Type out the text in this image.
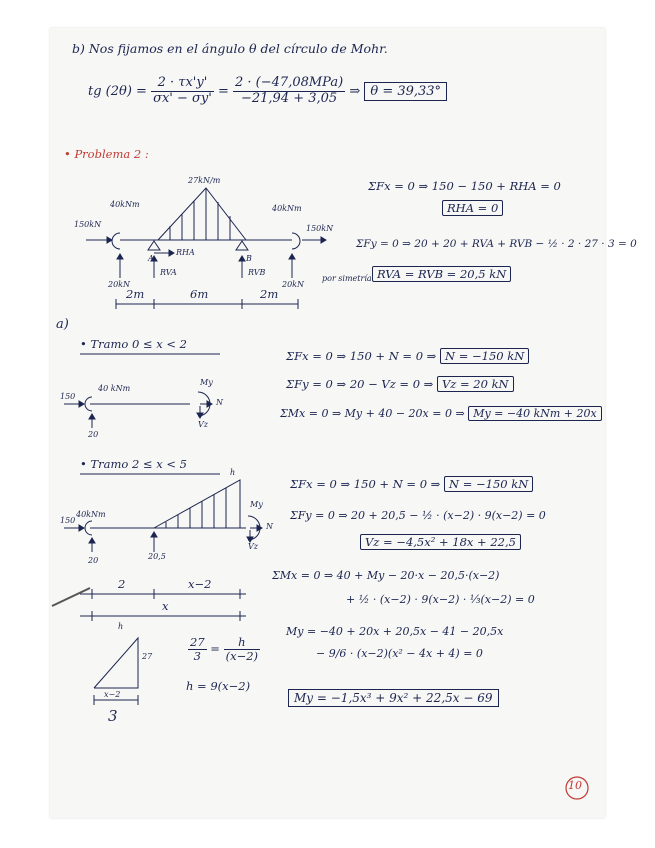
b) Nos fijamos en el ángulo θ del círculo de Mohr.
tg $(2\theta) = \frac{2 \cdot \tau x'y'}{\sigma x' - \sigma y'} = \frac{\text{2 · (−47,08MPa)}}{-21,94 + 3,05}$ ⇒ θ = 39,33°
• Problema 2 :
27kN/m
40kNm	40kNm
150kN	150kN
RHA
A	B
RVA	RVB
20kN	20kN
2m	6m	2m
ΣFx = 0 ⇒ 150 − 150 + RHA = 0
RHA = 0
ΣFy = 0 ⇒ 20 + 20 + RVA + RVB − ½ · 2 · 27 · 3 = 0
por simetría RVA = RVB = 20,5 kN
a)
• Tramo 0 ≤ x < 2
40 kNm
150
My
N
Vz
20
ΣFx = 0 ⇒ 150 + N = 0 ⇒ N = −150 kN
ΣFy = 0 ⇒ 20 − Vz = 0 ⇒ Vz = 20 kN
ΣMx = 0 ⇒ My + 40 − 20x = 0 ⇒ My = −40 kNm + 20x
• Tramo 2 ≤ x < 5
40kNm
150
h
My
N
Vz
20	20,5
2	x−2
x
ΣFx = 0 ⇒ 150 + N = 0 ⇒ N = −150 kN
ΣFy = 0 ⇒ 20 + 20,5 − ½ · (x−2) · 9(x−2) = 0
Vz = −4,5x² + 18x + 22,5
ΣMx = 0 ⇒ 40 + My − 20·x − 20,5·(x−2)
+ ½ · (x−2) · 9(x−2) · ⅓(x−2) = 0
My = −40 + 20x + 20,5x − 41 − 20,5x
− 9/6 · (x−2)(x² − 4x + 4) = 0
My = −1,5x³ + 9x² + 22,5x − 69
h
27
x−2
3
$\frac{27}{3} = \frac{h}{(x-2)}$
h = 9(x−2)
10
